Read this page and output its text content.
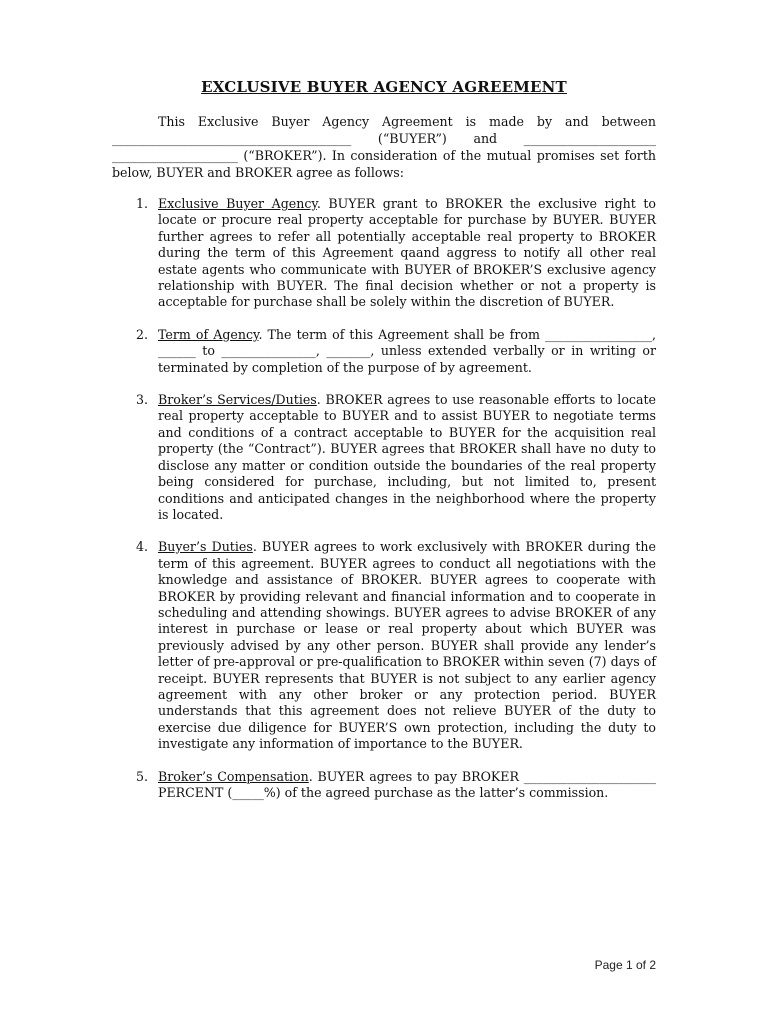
EXCLUSIVE BUYER AGENCY AGREEMENT
This Exclusive Buyer Agency Agreement is made by and between ______________________________________ (“BUYER”) and _____________________ ____________________ (“BROKER”). In consideration of the mutual promises set forth below, BUYER and BROKER agree as follows:
1. Exclusive Buyer Agency. BUYER grant to BROKER the exclusive right to locate or procure real property acceptable for purchase by BUYER. BUYER further agrees to refer all potentially acceptable real property to BROKER during the term of this Agreement qaand aggress to notify all other real estate agents who communicate with BUYER of BROKER’S exclusive agency relationship with BUYER. The final decision whether or not a property is acceptable for purchase shall be solely within the discretion of BUYER.
2. Term of Agency. The term of this Agreement shall be from _________________, ______ to _______________, _______, unless extended verbally or in writing or terminated by completion of the purpose of by agreement.
3. Broker’s Services/Duties. BROKER agrees to use reasonable efforts to locate real property acceptable to BUYER and to assist BUYER to negotiate terms and conditions of a contract acceptable to BUYER for the acquisition real property (the “Contract”). BUYER agrees that BROKER shall have no duty to disclose any matter or condition outside the boundaries of the real property being considered for purchase, including, but not limited to, present conditions and anticipated changes in the neighborhood where the property is located.
4. Buyer’s Duties. BUYER agrees to work exclusively with BROKER during the term of this agreement. BUYER agrees to conduct all negotiations with the knowledge and assistance of BROKER. BUYER agrees to cooperate with BROKER by providing relevant and financial information and to cooperate in scheduling and attending showings. BUYER agrees to advise BROKER of any interest in purchase or lease or real property about which BUYER was previously advised by any other person. BUYER shall provide any lender’s letter of pre-approval or pre-qualification to BROKER within seven (7) days of receipt. BUYER represents that BUYER is not subject to any earlier agency agreement with any other broker or any protection period. BUYER understands that this agreement does not relieve BUYER of the duty to exercise due diligence for BUYER’S own protection, including the duty to investigate any information of importance to the BUYER.
5. Broker’s Compensation. BUYER agrees to pay BROKER _____________________ PERCENT (_____%) of the agreed purchase as the latter’s commission.
Page 1 of 2
